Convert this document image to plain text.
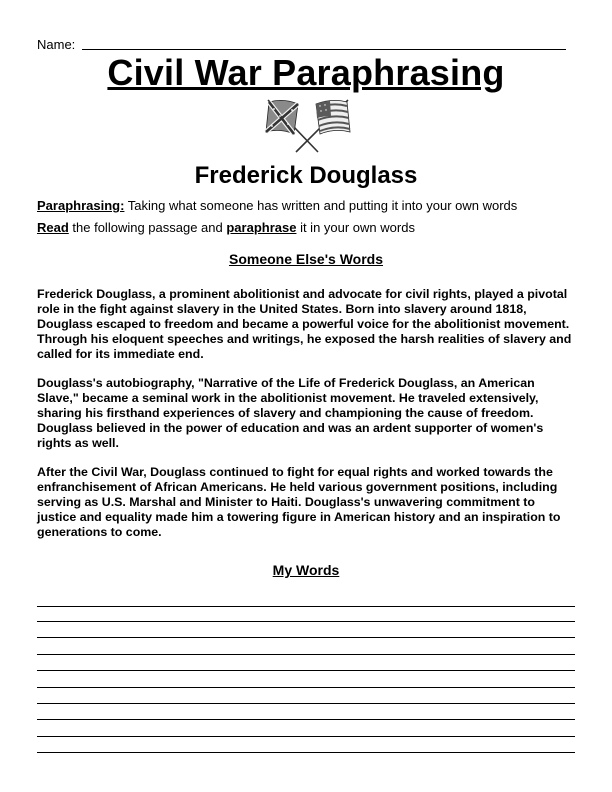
Name:
Civil War Paraphrasing
Frederick Douglass
Paraphrasing: Taking what someone has written and putting it into your own words
Read the following passage and paraphrase it in your own words
Someone Else's Words

Frederick Douglass, a prominent abolitionist and advocate for civil rights, played a pivotal role in the fight against slavery in the United States. Born into slavery around 1818, Douglass escaped to freedom and became a powerful voice for the abolitionist movement. Through his eloquent speeches and writings, he exposed the harsh realities of slavery and called for its immediate end.

Douglass's autobiography, "Narrative of the Life of Frederick Douglass, an American Slave," became a seminal work in the abolitionist movement. He traveled extensively, sharing his firsthand experiences of slavery and championing the cause of freedom. Douglass believed in the power of education and was an ardent supporter of women's rights as well.

After the Civil War, Douglass continued to fight for equal rights and worked towards the enfranchisement of African Americans. He held various government positions, including serving as U.S. Marshal and Minister to Haiti. Douglass's unwavering commitment to justice and equality made him a towering figure in American history and an inspiration to generations to come.

My Words
